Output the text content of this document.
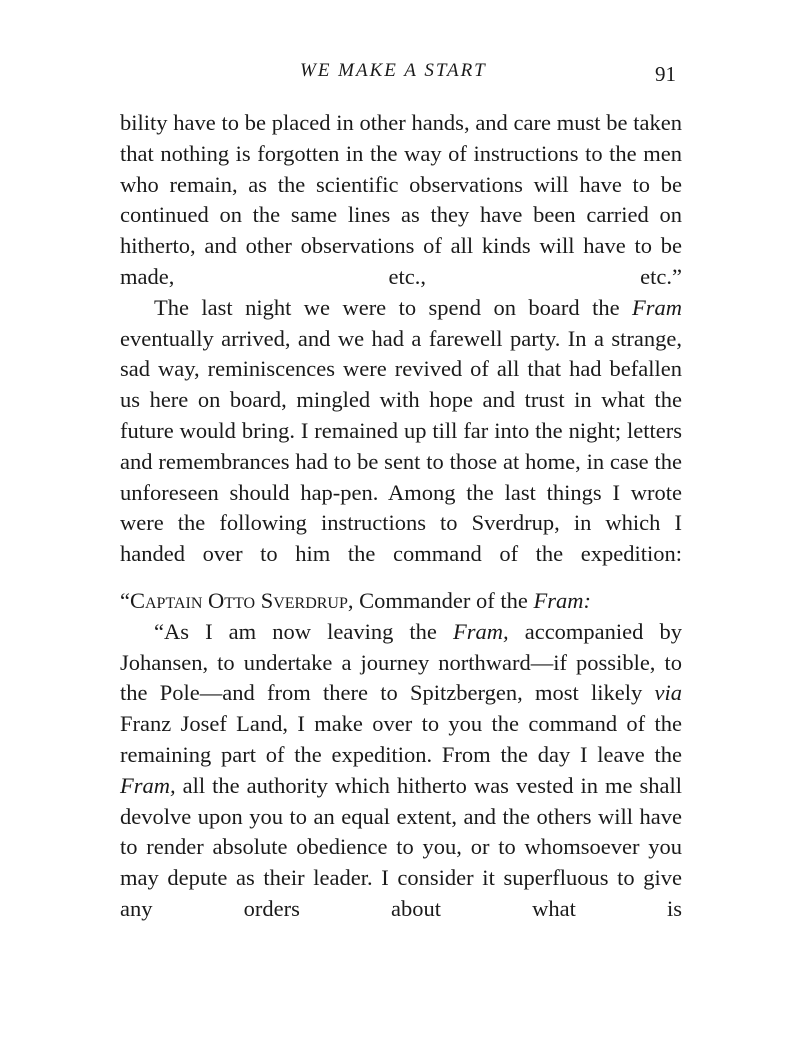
WE MAKE A START	91

bility have to be placed in other hands, and care must be taken that nothing is forgotten in the way of instructions to the men who remain, as the scientific observations will have to be continued on the same lines as they have been carried on hitherto, and other observations of all kinds will have to be made, etc., etc.”

The last night we were to spend on board the Fram eventually arrived, and we had a farewell party. In a strange, sad way, reminiscences were revived of all that had befallen us here on board, mingled with hope and trust in what the future would bring. I remained up till far into the night; letters and remembrances had to be sent to those at home, in case the unforeseen should hap-pen. Among the last things I wrote were the following instructions to Sverdrup, in which I handed over to him the command of the expedition:

“Captain Otto Sverdrup, Commander of the Fram:

“As I am now leaving the Fram, accompanied by Johansen, to undertake a journey northward—if possible, to the Pole—and from there to Spitzbergen, most likely via Franz Josef Land, I make over to you the command of the remaining part of the expedition. From the day I leave the Fram, all the authority which hitherto was vested in me shall devolve upon you to an equal extent, and the others will have to render absolute obedience to you, or to whomsoever you may depute as their leader. I consider it superfluous to give any orders about what is
